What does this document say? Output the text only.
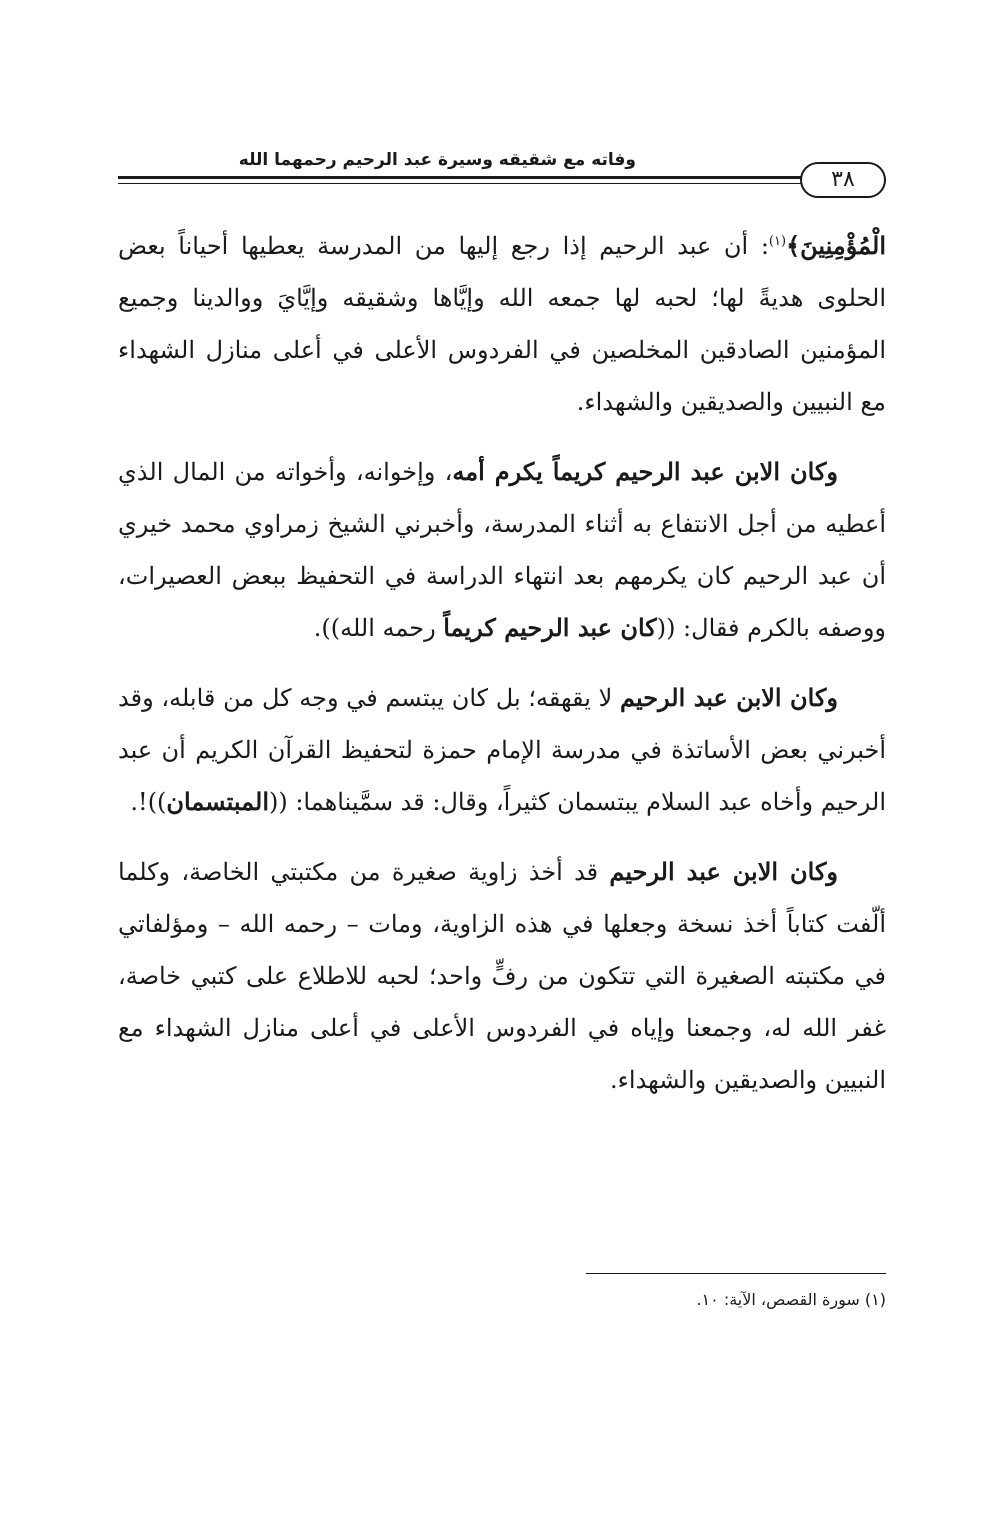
وفاته مع شقيقه وسيرة عبد الرحيم رحمهما الله
٣٨

الْمُؤْمِنِينَ﴾$^{(١)}$: أن عبد الرحيم إذا رجع إليها من المدرسة يعطيها أحياناً بعض الحلوى هديةً لها؛ لحبه لها جمعه الله وإيَّاها وشقيقه وإيَّايَ ووالدينا وجميع المؤمنين الصادقين المخلصين في الفردوس الأعلى في أعلى منازل الشهداء مع النبيين والصديقين والشهداء.

وكان الابن عبد الرحيم كريماً يكرم أمه، وإخوانه، وأخواته من المال الذي أعطيه من أجل الانتفاع به أثناء المدرسة، وأخبرني الشيخ زمراوي محمد خيري أن عبد الرحيم كان يكرمهم بعد انتهاء الدراسة في التحفيظ ببعض العصيرات، ووصفه بالكرم فقال: ((كان عبد الرحيم كريماً رحمه الله)).

وكان الابن عبد الرحيم لا يقهقه؛ بل كان يبتسم في وجه كل من قابله، وقد أخبرني بعض الأساتذة في مدرسة الإمام حمزة لتحفيظ القرآن الكريم أن عبد الرحيم وأخاه عبد السلام يبتسمان كثيراً، وقال: قد سمَّيناهما: ((المبتسمان))!.

وكان الابن عبد الرحيم قد أخذ زاوية صغيرة من مكتبتي الخاصة، وكلما ألّفت كتاباً أخذ نسخة وجعلها في هذه الزاوية، ومات – رحمه الله – ومؤلفاتي في مكتبته الصغيرة التي تتكون من رفٍّ واحد؛ لحبه للاطلاع على كتبي خاصة، غفر الله له، وجمعنا وإياه في الفردوس الأعلى في أعلى منازل الشهداء مع النبيين والصديقين والشهداء.

(١) سورة القصص، الآية: ١٠.
